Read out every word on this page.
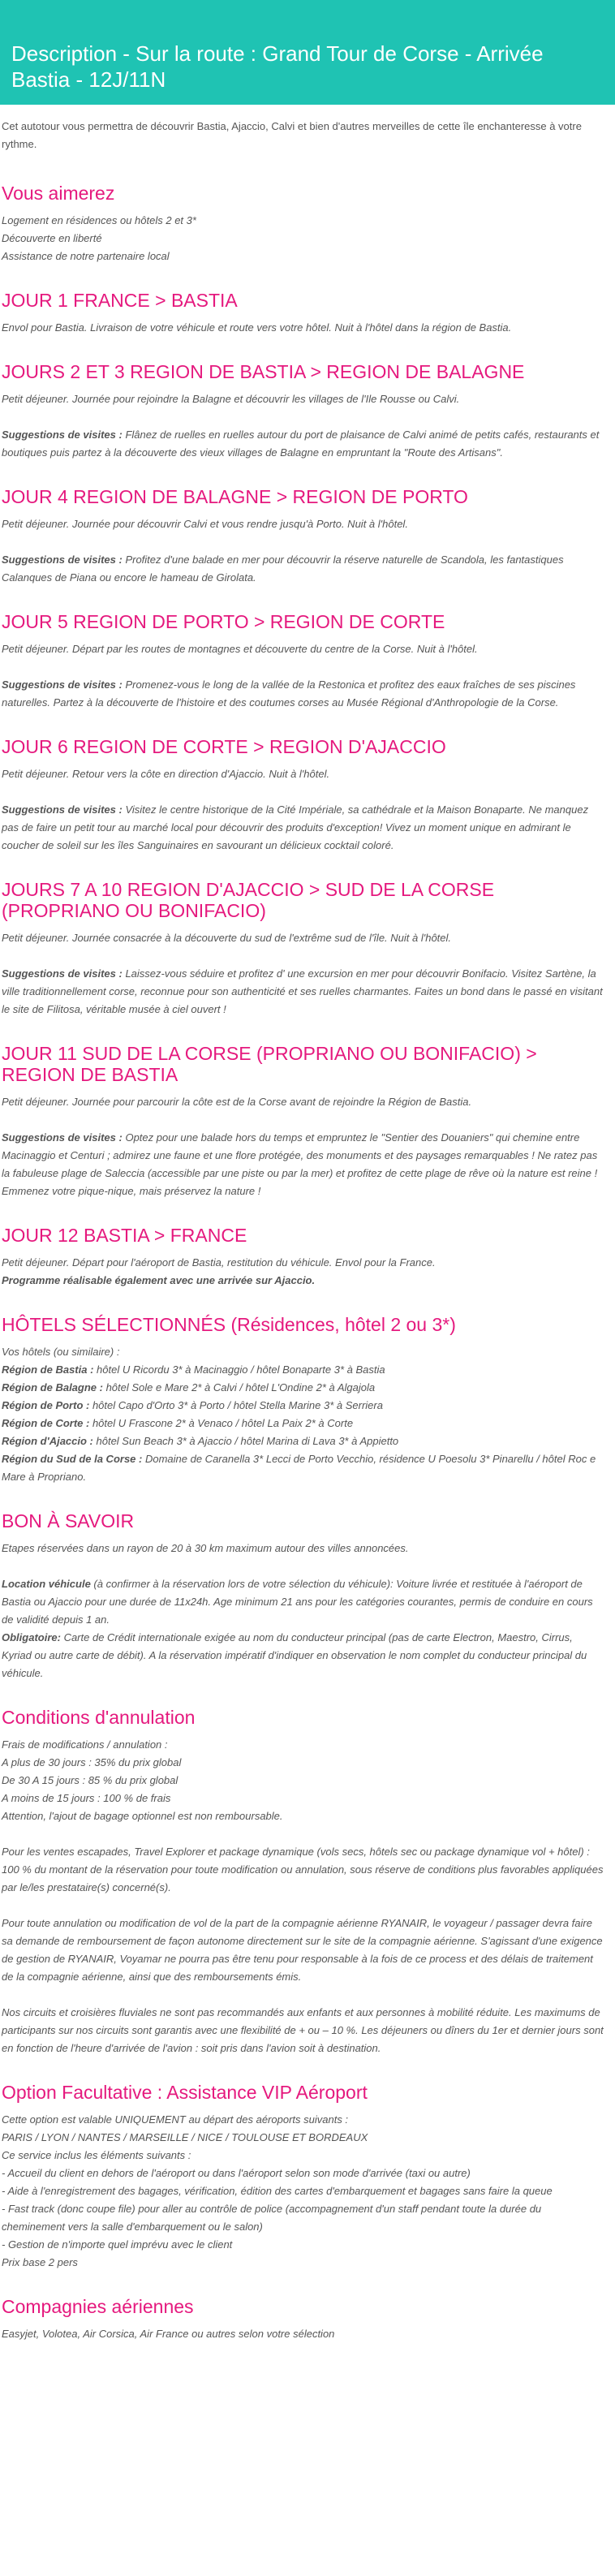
Description - Sur la route : Grand Tour de Corse - Arrivée Bastia - 12J/11N

Cet autotour vous permettra de découvrir Bastia, Ajaccio, Calvi et bien d'autres merveilles de cette île enchanteresse à votre rythme.

Vous aimerez

Logement en résidences ou hôtels 2 et 3*
Découverte en liberté
Assistance de notre partenaire local

JOUR 1 FRANCE > BASTIA

Envol pour Bastia. Livraison de votre véhicule et route vers votre hôtel. Nuit à l'hôtel dans la région de Bastia.

JOURS 2 ET 3 REGION DE BASTIA > REGION DE BALAGNE

Petit déjeuner. Journée pour rejoindre la Balagne et découvrir les villages de l'Ile Rousse ou Calvi.

Suggestions de visites : Flânez de ruelles en ruelles autour du port de plaisance de Calvi animé de petits cafés, restaurants et boutiques puis partez à la découverte des vieux villages de Balagne en empruntant la "Route des Artisans".

JOUR 4 REGION DE BALAGNE > REGION DE PORTO

Petit déjeuner. Journée pour découvrir Calvi et vous rendre jusqu'à Porto. Nuit à l'hôtel.

Suggestions de visites : Profitez d'une balade en mer pour découvrir la réserve naturelle de Scandola, les fantastiques Calanques de Piana ou encore le hameau de Girolata.

JOUR 5 REGION DE PORTO > REGION DE CORTE

Petit déjeuner. Départ par les routes de montagnes et découverte du centre de la Corse. Nuit à l'hôtel.

Suggestions de visites : Promenez-vous le long de la vallée de la Restonica et profitez des eaux fraîches de ses piscines naturelles. Partez à la découverte de l'histoire et des coutumes corses au Musée Régional d'Anthropologie de la Corse.

JOUR 6 REGION DE CORTE > REGION D'AJACCIO

Petit déjeuner. Retour vers la côte en direction d'Ajaccio. Nuit à l'hôtel.

Suggestions de visites : Visitez le centre historique de la Cité Impériale, sa cathédrale et la Maison Bonaparte. Ne manquez pas de faire un petit tour au marché local pour découvrir des produits d'exception! Vivez un moment unique en admirant le coucher de soleil sur les îles Sanguinaires en savourant un délicieux cocktail coloré.

JOURS 7 A 10 REGION D'AJACCIO > SUD DE LA CORSE (PROPRIANO OU BONIFACIO)

Petit déjeuner. Journée consacrée à la découverte du sud de l'extrême sud de l'île. Nuit à l'hôtel.

Suggestions de visites : Laissez-vous séduire et profitez d' une excursion en mer pour découvrir Bonifacio. Visitez Sartène, la ville traditionnellement corse, reconnue pour son authenticité et ses ruelles charmantes. Faites un bond dans le passé en visitant le site de Filitosa, véritable musée à ciel ouvert !

JOUR 11 SUD DE LA CORSE (PROPRIANO OU BONIFACIO) > REGION DE BASTIA

Petit déjeuner. Journée pour parcourir la côte est de la Corse avant de rejoindre la Région de Bastia.

Suggestions de visites : Optez pour une balade hors du temps et empruntez le "Sentier des Douaniers" qui chemine entre Macinaggio et Centuri ; admirez une faune et une flore protégée, des monuments et des paysages remarquables ! Ne ratez pas la fabuleuse plage de Saleccia (accessible par une piste ou par la mer) et profitez de cette plage de rêve où la nature est reine ! Emmenez votre pique-nique, mais préservez la nature !

JOUR 12 BASTIA > FRANCE

Petit déjeuner. Départ pour l'aéroport de Bastia, restitution du véhicule. Envol pour la France.
Programme réalisable également avec une arrivée sur Ajaccio.

HÔTELS SÉLECTIONNÉS (Résidences, hôtel 2 ou 3*)

Vos hôtels (ou similaire) :
Région de Bastia : hôtel U Ricordu 3* à Macinaggio / hôtel Bonaparte 3* à Bastia
Région de Balagne : hôtel Sole e Mare 2* à Calvi / hôtel L'Ondine 2* à Algajola
Région de Porto : hôtel Capo d'Orto 3* à Porto / hôtel Stella Marine 3* à Serriera
Région de Corte : hôtel U Frascone 2* à Venaco / hôtel La Paix 2* à Corte
Région d'Ajaccio : hôtel Sun Beach 3* à Ajaccio / hôtel Marina di Lava 3* à Appietto
Région du Sud de la Corse : Domaine de Caranella 3* Lecci de Porto Vecchio, résidence U Poesolu 3* Pinarellu / hôtel Roc e Mare à Propriano.

BON À SAVOIR

Etapes réservées dans un rayon de 20 à 30 km maximum autour des villes annoncées.

Location véhicule (à confirmer à la réservation lors de votre sélection du véhicule): Voiture livrée et restituée à l'aéroport de Bastia ou Ajaccio pour une durée de 11x24h. Age minimum 21 ans pour les catégories courantes, permis de conduire en cours de validité depuis 1 an.
Obligatoire: Carte de Crédit internationale exigée au nom du conducteur principal (pas de carte Electron, Maestro, Cirrus, Kyriad ou autre carte de débit). A la réservation impératif d'indiquer en observation le nom complet du conducteur principal du véhicule.

Conditions d'annulation

Frais de modifications / annulation :
A plus de 30 jours : 35% du prix global
De 30 A 15 jours : 85 % du prix global
A moins de 15 jours : 100 % de frais
Attention, l'ajout de bagage optionnel est non remboursable.

Pour les ventes escapades, Travel Explorer et package dynamique (vols secs, hôtels sec ou package dynamique vol + hôtel) : 100 % du montant de la réservation pour toute modification ou annulation, sous réserve de conditions plus favorables appliquées par le/les prestataire(s) concerné(s).

Pour toute annulation ou modification de vol de la part de la compagnie aérienne RYANAIR, le voyageur / passager devra faire sa demande de remboursement de façon autonome directement sur le site de la compagnie aérienne. S'agissant d'une exigence de gestion de RYANAIR, Voyamar ne pourra pas être tenu pour responsable à la fois de ce process et des délais de traitement de la compagnie aérienne, ainsi que des remboursements émis.

Nos circuits et croisières fluviales ne sont pas recommandés aux enfants et aux personnes à mobilité réduite. Les maximums de participants sur nos circuits sont garantis avec une flexibilité de + ou – 10 %. Les déjeuners ou dîners du 1er et dernier jours sont en fonction de l'heure d'arrivée de l'avion : soit pris dans l'avion soit à destination.

Option Facultative : Assistance VIP Aéroport

Cette option est valable UNIQUEMENT au départ des aéroports suivants :
PARIS / LYON / NANTES / MARSEILLE / NICE / TOULOUSE ET BORDEAUX
Ce service inclus les éléments suivants :
- Accueil du client en dehors de l'aéroport ou dans l'aéroport selon son mode d'arrivée (taxi ou autre)
- Aide à l'enregistrement des bagages, vérification, édition des cartes d'embarquement et bagages sans faire la queue
- Fast track (donc coupe file) pour aller au contrôle de police (accompagnement d'un staff pendant toute la durée du cheminement vers la salle d'embarquement ou le salon)
- Gestion de n'importe quel imprévu avec le client
Prix base 2 pers

Compagnies aériennes

Easyjet, Volotea, Air Corsica, Air France ou autres selon votre sélection
